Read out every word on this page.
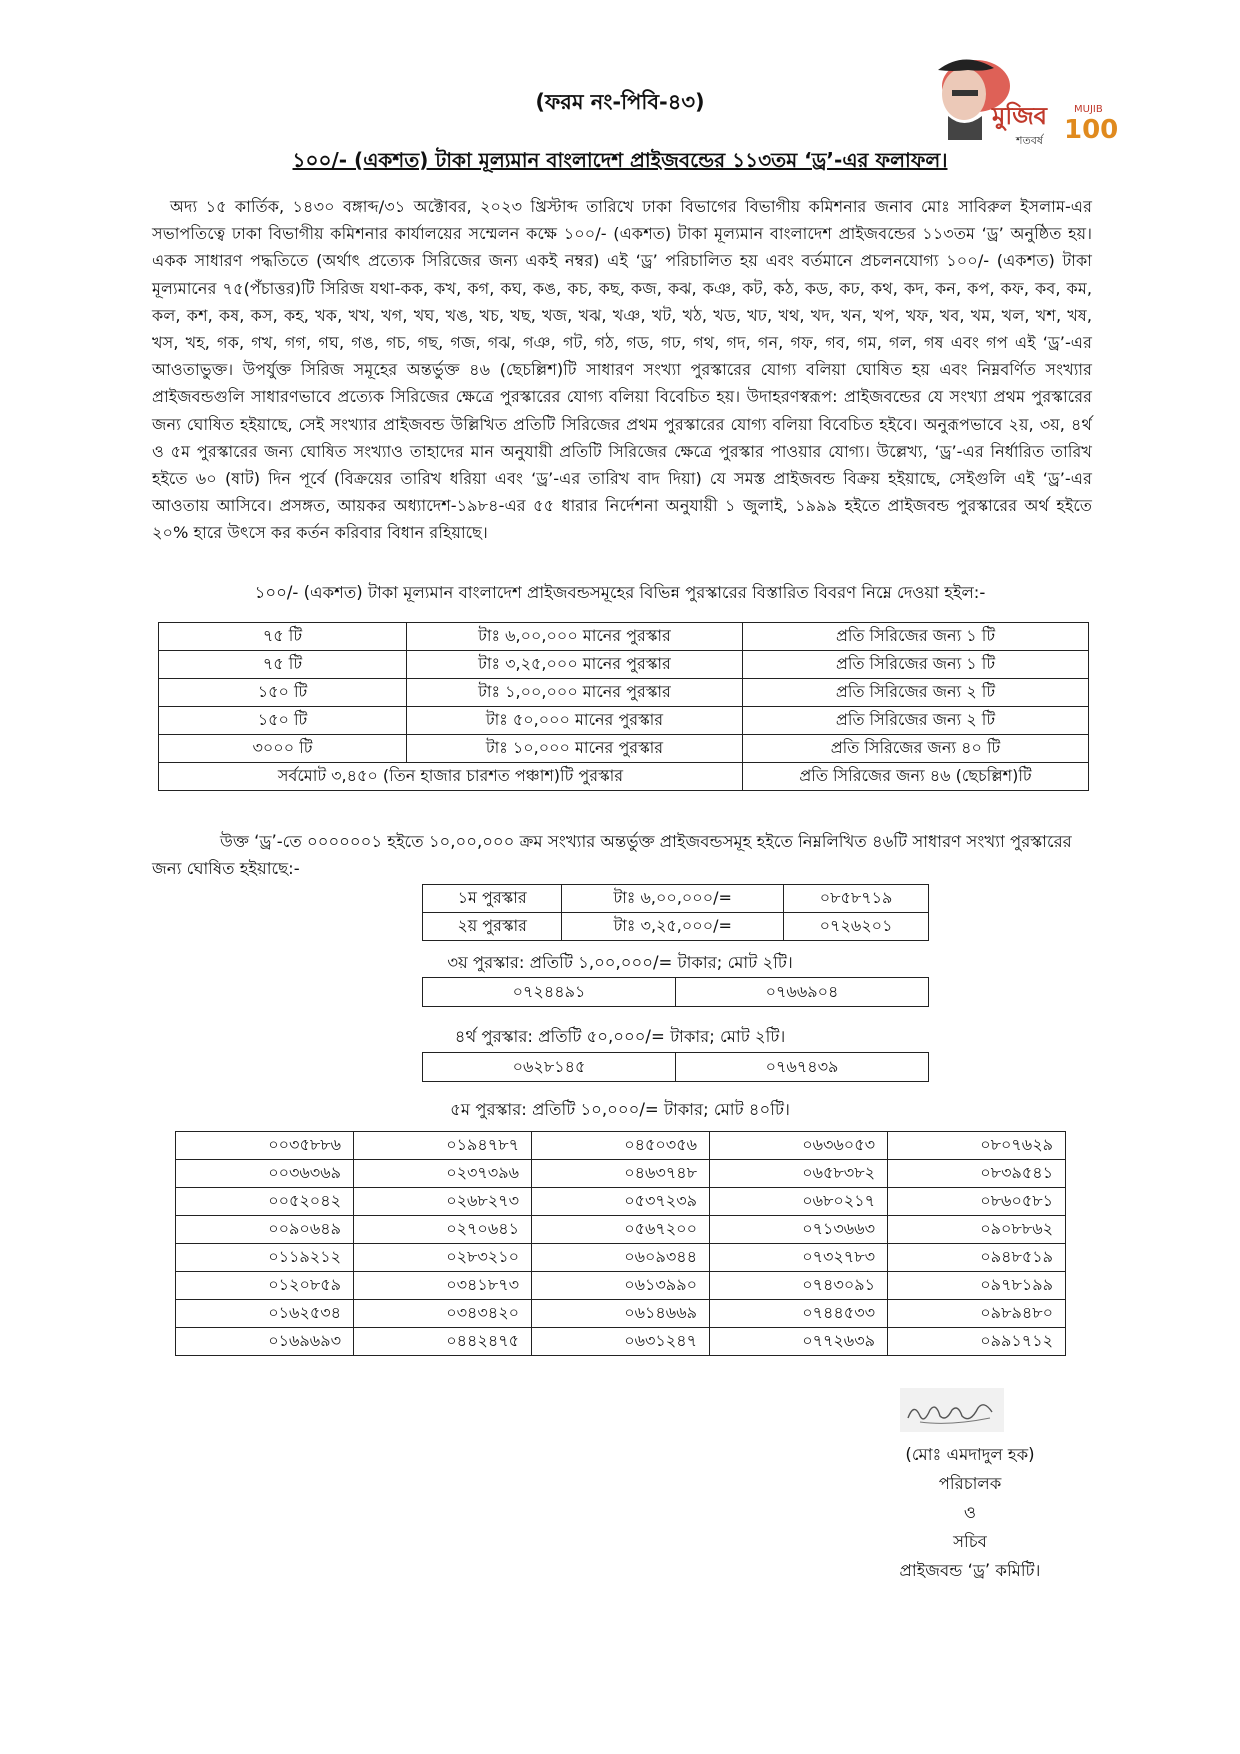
(ফরম নং-পিবি-৪৩)	মুজিব	MUJIB
100
শতবর্ষ
১০০/- (একশত) টাকা মূল্যমান বাংলাদেশ প্রাইজবন্ডের ১১৩তম ‘ড্র’-এর ফলাফল।
অদ্য ১৫ কার্তিক, ১৪৩০ বঙ্গাব্দ/৩১ অক্টোবর, ২০২৩ খ্রিস্টাব্দ তারিখে ঢাকা বিভাগের বিভাগীয় কমিশনার জনাব মোঃ সাবিরুল ইসলাম-এর সভাপতিত্বে ঢাকা বিভাগীয় কমিশনার কার্যালয়ের সম্মেলন কক্ষে ১০০/- (একশত) টাকা মূল্যমান বাংলাদেশ প্রাইজবন্ডের ১১৩তম ‘ড্র’ অনুষ্ঠিত হয়। একক সাধারণ পদ্ধতিতে (অর্থাৎ প্রত্যেক সিরিজের জন্য একই নম্বর) এই ‘ড্র’ পরিচালিত হয় এবং বর্তমানে প্রচলনযোগ্য ১০০/- (একশত) টাকা মূল্যমানের ৭৫(পঁচাত্তর)টি সিরিজ যথা-কক, কখ, কগ, কঘ, কঙ, কচ, কছ, কজ, কঝ, কঞ, কট, কঠ, কড, কঢ, কথ, কদ, কন, কপ, কফ, কব, কম, কল, কশ, কষ, কস, কহ, খক, খখ, খগ, খঘ, খঙ, খচ, খছ, খজ, খঝ, খঞ, খট, খঠ, খড, খঢ, খথ, খদ, খন, খপ, খফ, খব, খম, খল, খশ, খষ, খস, খহ, গক, গখ, গগ, গঘ, গঙ, গচ, গছ, গজ, গঝ, গঞ, গট, গঠ, গড, গঢ, গথ, গদ, গন, গফ, গব, গম, গল, গষ এবং গপ এই ‘ড্র’-এর আওতাভুক্ত। উপর্যুক্ত সিরিজ সমূহের অন্তর্ভুক্ত ৪৬ (ছেচল্লিশ)টি সাধারণ সংখ্যা পুরস্কারের যোগ্য বলিয়া ঘোষিত হয় এবং নিম্নবর্ণিত সংখ্যার প্রাইজবন্ডগুলি সাধারণভাবে প্রত্যেক সিরিজের ক্ষেত্রে পুরস্কারের যোগ্য বলিয়া বিবেচিত হয়। উদাহরণস্বরূপ: প্রাইজবন্ডের যে সংখ্যা প্রথম পুরস্কারের জন্য ঘোষিত হইয়াছে, সেই সংখ্যার প্রাইজবন্ড উল্লিখিত প্রতিটি সিরিজের প্রথম পুরস্কারের যোগ্য বলিয়া বিবেচিত হইবে। অনুরূপভাবে ২য়, ৩য়, ৪র্থ ও ৫ম পুরস্কারের জন্য ঘোষিত সংখ্যাও তাহাদের মান অনুযায়ী প্রতিটি সিরিজের ক্ষেত্রে পুরস্কার পাওয়ার যোগ্য। উল্লেখ্য, ‘ড্র’-এর নির্ধারিত তারিখ হইতে ৬০ (ষাট) দিন পূর্বে (বিক্রয়ের তারিখ ধরিয়া এবং ‘ড্র’-এর তারিখ বাদ দিয়া) যে সমস্ত প্রাইজবন্ড বিক্রয় হইয়াছে, সেইগুলি এই ‘ড্র’-এর আওতায় আসিবে। প্রসঙ্গত, আয়কর অধ্যাদেশ-১৯৮৪-এর ৫৫ ধারার নির্দেশনা অনুযায়ী ১ জুলাই, ১৯৯৯ হইতে প্রাইজবন্ড পুরস্কারের অর্থ হইতে ২০% হারে উৎসে কর কর্তন করিবার বিধান রহিয়াছে।
১০০/- (একশত) টাকা মূল্যমান বাংলাদেশ প্রাইজবন্ডসমূহের বিভিন্ন পুরস্কারের বিস্তারিত বিবরণ নিম্নে দেওয়া হইল:-
৭৫ টি	টাঃ ৬,০০,০০০ মানের পুরস্কার	প্রতি সিরিজের জন্য ১ টি
৭৫ টি	টাঃ ৩,২৫,০০০ মানের পুরস্কার	প্রতি সিরিজের জন্য ১ টি
১৫০ টি	টাঃ ১,০০,০০০ মানের পুরস্কার	প্রতি সিরিজের জন্য ২ টি
১৫০ টি	টাঃ ৫০,০০০ মানের পুরস্কার	প্রতি সিরিজের জন্য ২ টি
৩০০০ টি	টাঃ ১০,০০০ মানের পুরস্কার	প্রতি সিরিজের জন্য ৪০ টি
সর্বমোট ৩,৪৫০ (তিন হাজার চারশত পঞ্চাশ)টি পুরস্কার		প্রতি সিরিজের জন্য ৪৬ (ছেচল্লিশ)টি
উক্ত ‘ড্র’-তে ০০০০০০১ হইতে ১০,০০,০০০ ক্রম সংখ্যার অন্তর্ভুক্ত প্রাইজবন্ডসমূহ হইতে নিম্নলিখিত ৪৬টি সাধারণ সংখ্যা পুরস্কারের জন্য ঘোষিত হইয়াছে:-
১ম পুরস্কার	টাঃ ৬,০০,০০০/=	০৮৫৮৭১৯
২য় পুরস্কার	টাঃ ৩,২৫,০০০/=	০৭২৬২০১
৩য় পুরস্কার: প্রতিটি ১,০০,০০০/= টাকার; মোট ২টি।
০৭২৪৪৯১	০৭৬৬৯০৪
৪র্থ পুরস্কার: প্রতিটি ৫০,০০০/= টাকার; মোট ২টি।
০৬২৮১৪৫	০৭৬৭৪৩৯
৫ম পুরস্কার: প্রতিটি ১০,০০০/= টাকার; মোট ৪০টি।
০০৩৫৮৮৬	০১৯৪৭৮৭	০৪৫০৩৫৬	০৬৩৬০৫৩	০৮০৭৬২৯
০০৩৬৩৬৯	০২৩৭৩৯৬	০৪৬৩৭৪৮	০৬৫৮৩৮২	০৮৩৯৫৪১
০০৫২০৪২	০২৬৮২৭৩	০৫৩৭২৩৯	০৬৮০২১৭	০৮৬০৫৮১
০০৯০৬৪৯	০২৭০৬৪১	০৫৬৭২০০	০৭১৩৬৬৩	০৯০৮৮৬২
০১১৯২১২	০২৮৩২১০	০৬০৯৩৪৪	০৭৩২৭৮৩	০৯৪৮৫১৯
০১২০৮৫৯	০৩৪১৮৭৩	০৬১৩৯৯০	০৭৪৩০৯১	০৯৭৮১৯৯
০১৬২৫৩৪	০৩৪৩৪২০	০৬১৪৬৬৯	০৭৪৪৫৩৩	০৯৮৯৪৮০
০১৬৯৬৯৩	০৪৪২৪৭৫	০৬৩১২৪৭	০৭৭২৬৩৯	০৯৯১৭১২
(মোঃ এমদাদুল হক)
পরিচালক
ও
সচিব
প্রাইজবন্ড ‘ড্র’ কমিটি।
